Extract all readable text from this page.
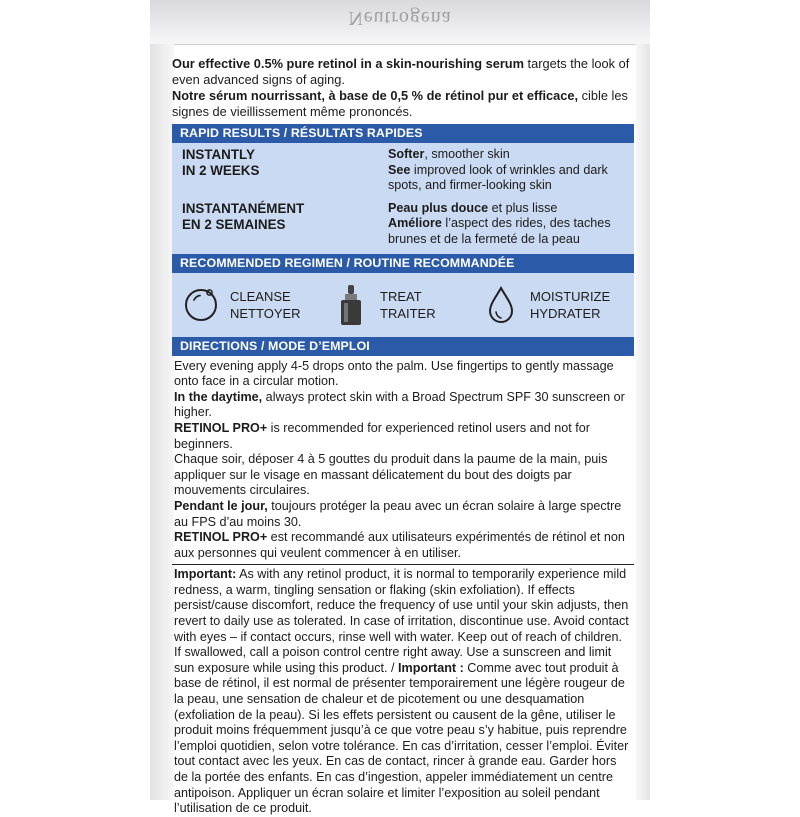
Neutrogena
Our effective 0.5% pure retinol in a skin-nourishing serum targets the look of even advanced signs of aging.
Notre sérum nourrissant, à base de 0,5 % de rétinol pur et efficace, cible les signes de vieillissement même prononcés.
RAPID RESULTS / RÉSULTATS RAPIDES
INSTANTLY
IN 2 WEEKS
Softer, smoother skin
See improved look of wrinkles and dark spots, and firmer-looking skin
INSTANTANÉMENT
EN 2 SEMAINES
Peau plus douce et plus lisse
Améliore l’aspect des rides, des taches brunes et de la fermeté de la peau
RECOMMENDED REGIMEN / ROUTINE RECOMMANDÉE
CLEANSE
NETTOYER
TREAT
TRAITER
MOISTURIZE
HYDRATER
DIRECTIONS / MODE D’EMPLOI

Every evening apply 4-5 drops onto the palm. Use fingertips to gently massage onto face in a circular motion.

In the daytime, always protect skin with a Broad Spectrum SPF 30 sunscreen or higher.

RETINOL PRO+ is recommended for experienced retinol users and not for beginners.

Chaque soir, déposer 4 à 5 gouttes du produit dans la paume de la main, puis appliquer sur le visage en massant délicatement du bout des doigts par mouvements circulaires.

Pendant le jour, toujours protéger la peau avec un écran solaire à large spectre au FPS d’au moins 30.

RETINOL PRO+ est recommandé aux utilisateurs expérimentés de rétinol et non aux personnes qui veulent commencer à en utiliser.

Important: As with any retinol product, it is normal to temporarily experience mild redness, a warm, tingling sensation or flaking (skin exfoliation). If effects persist/cause discomfort, reduce the frequency of use until your skin adjusts, then revert to daily use as tolerated. In case of irritation, discontinue use. Avoid contact with eyes – if contact occurs, rinse well with water. Keep out of reach of children. If swallowed, call a poison control centre right away. Use a sunscreen and limit sun exposure while using this product. / Important : Comme avec tout produit à base de rétinol, il est normal de présenter temporairement une légère rougeur de la peau, une sensation de chaleur et de picotement ou une desquamation (exfoliation de la peau). Si les effets persistent ou causent de la gêne, utiliser le produit moins fréquemment jusqu’à ce que votre peau s’y habitue, puis reprendre l’emploi quotidien, selon votre tolérance. En cas d’irritation, cesser l’emploi. Éviter tout contact avec les yeux. En cas de contact, rincer à grande eau. Garder hors de la portée des enfants. En cas d’ingestion, appeler immédiatement un centre antipoison. Appliquer un écran solaire et limiter l’exposition au soleil pendant l’utilisation de ce produit.
